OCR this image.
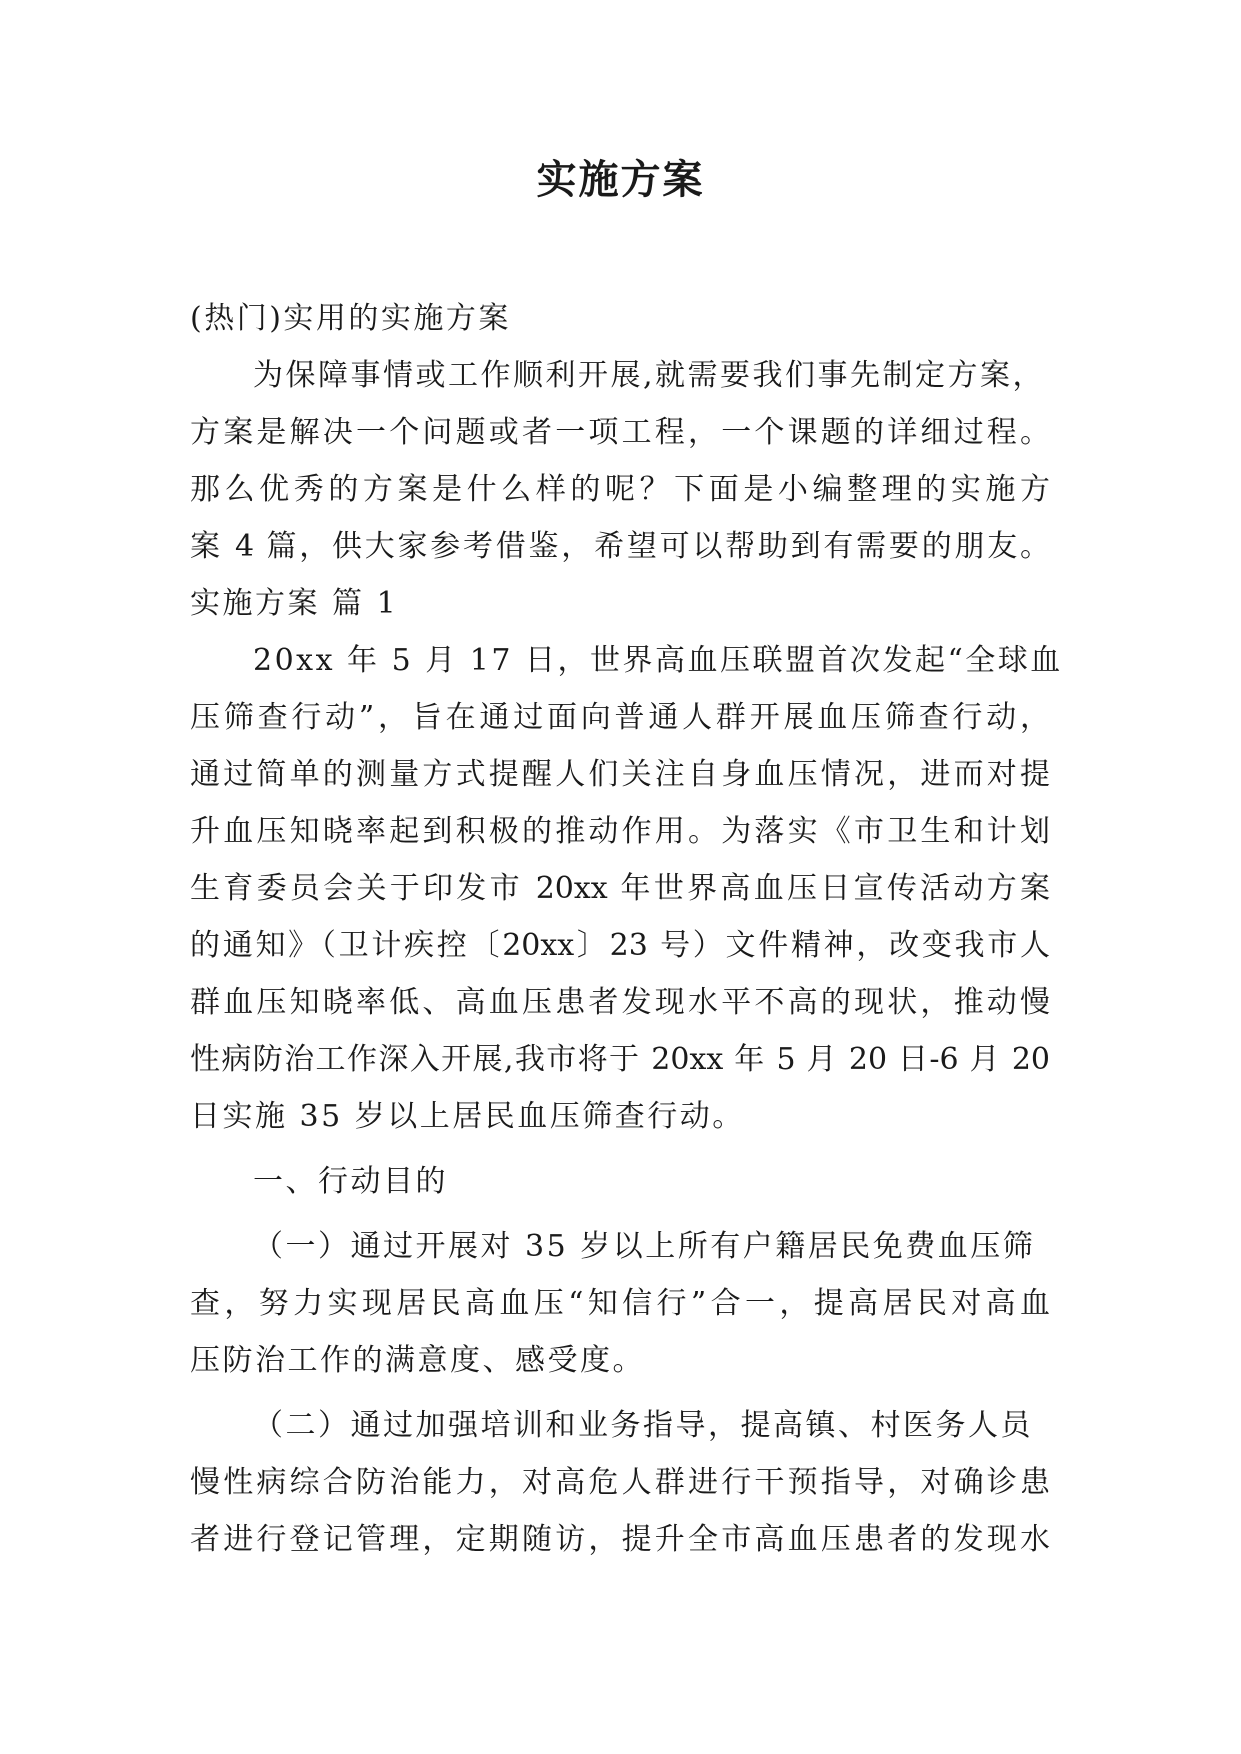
实施方案
(热门)实用的实施方案
为保障事情或工作顺利开展,就需要我们事先制定方案，
方案是解决一个问题或者一项工程，一个课题的详细过程。
那么优秀的方案是什么样的呢？下面是小编整理的实施方
案 4 篇，供大家参考借鉴，希望可以帮助到有需要的朋友。
实施方案 篇 1
20xx 年 5 月 17 日，世界高血压联盟首次发起“全球血
压筛查行动”，旨在通过面向普通人群开展血压筛查行动，
通过简单的测量方式提醒人们关注自身血压情况，进而对提
升血压知晓率起到积极的推动作用。为落实《市卫生和计划
生育委员会关于印发市 20xx 年世界高血压日宣传活动方案
的通知》（卫计疾控〔20xx〕23 号）文件精神，改变我市人
群血压知晓率低、高血压患者发现水平不高的现状，推动慢
性病防治工作深入开展,我市将于 20xx 年 5 月 20 日-6 月 20
日实施 35 岁以上居民血压筛查行动。
一、行动目的
（一）通过开展对 35 岁以上所有户籍居民免费血压筛
查，努力实现居民高血压“知信行”合一，提高居民对高血
压防治工作的满意度、感受度。
（二）通过加强培训和业务指导，提高镇、村医务人员
慢性病综合防治能力，对高危人群进行干预指导，对确诊患
者进行登记管理，定期随访，提升全市高血压患者的发现水
